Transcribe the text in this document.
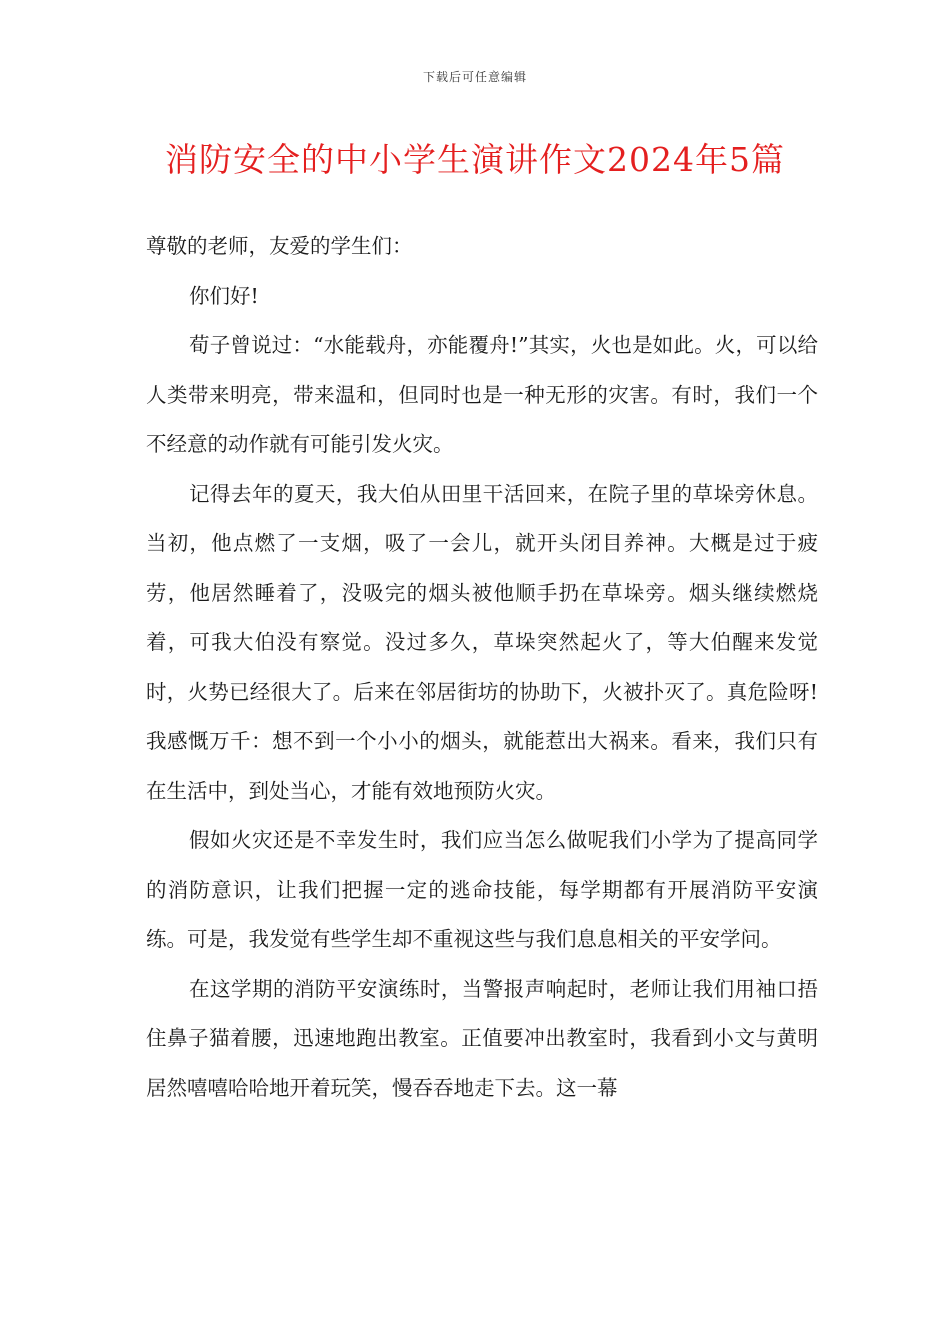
下载后可任意编辑
消防安全的中小学生演讲作文2024年5篇

尊敬的老师，友爱的学生们：

你们好!

荀子曾说过：“水能载舟，亦能覆舟!”其实，火也是如此。火，可以给人类带来明亮，带来温和，但同时也是一种无形的灾害。有时，我们一个不经意的动作就有可能引发火灾。

记得去年的夏天，我大伯从田里干活回来，在院子里的草垛旁休息。当初，他点燃了一支烟，吸了一会儿，就开头闭目养神。大概是过于疲劳，他居然睡着了，没吸完的烟头被他顺手扔在草垛旁。烟头继续燃烧着，可我大伯没有察觉。没过多久，草垛突然起火了，等大伯醒来发觉时，火势已经很大了。后来在邻居街坊的协助下，火被扑灭了。真危险呀!我感慨万千：想不到一个小小的烟头，就能惹出大祸来。看来，我们只有在生活中，到处当心，才能有效地预防火灾。

假如火灾还是不幸发生时，我们应当怎么做呢我们小学为了提高同学的消防意识，让我们把握一定的逃命技能，每学期都有开展消防平安演练。可是，我发觉有些学生却不重视这些与我们息息相关的平安学问。

在这学期的消防平安演练时，当警报声响起时，老师让我们用袖口捂住鼻子猫着腰，迅速地跑出教室。正值要冲出教室时，我看到小文与黄明居然嘻嘻哈哈地开着玩笑，慢吞吞地走下去。这一幕
